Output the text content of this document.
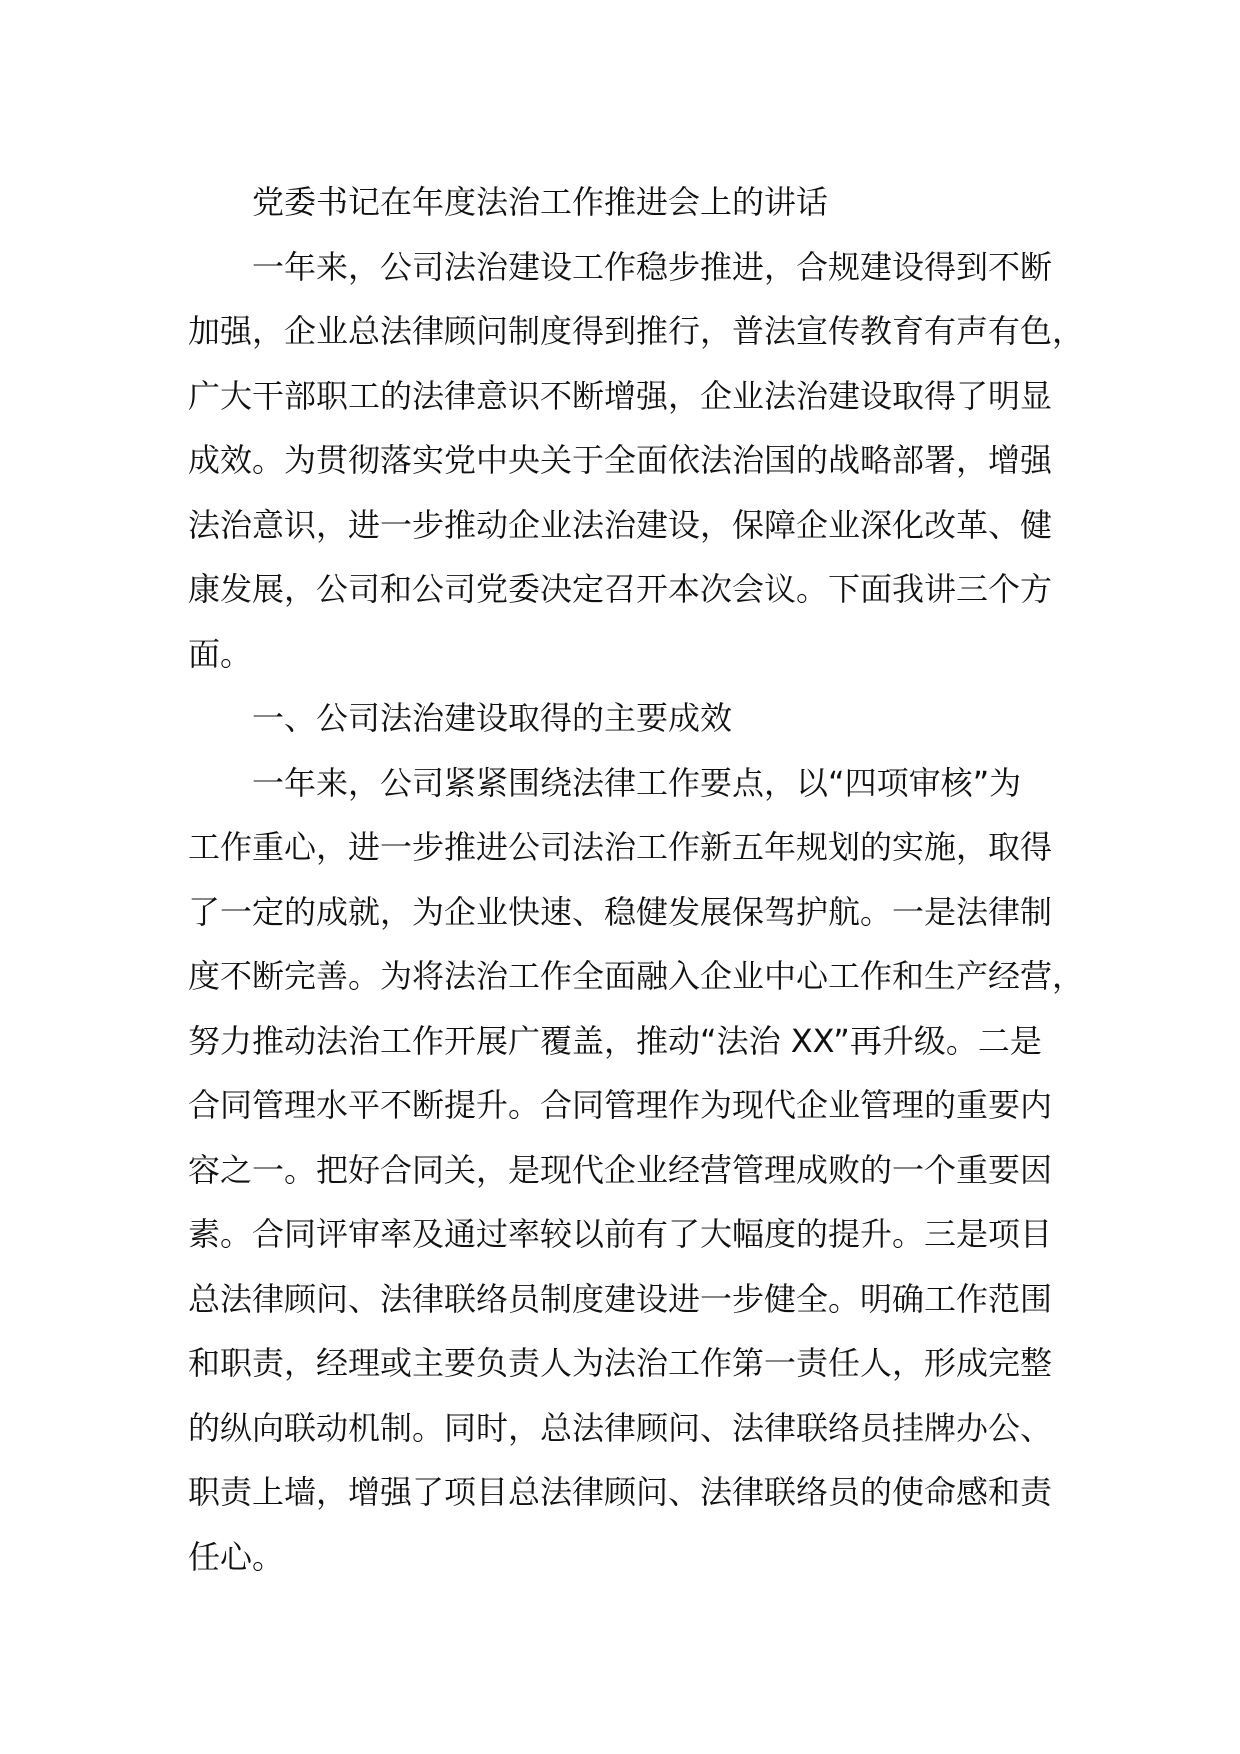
党委书记在年度法治工作推进会上的讲话
一年来，公司法治建设工作稳步推进，合规建设得到不断
加强，企业总法律顾问制度得到推行，普法宣传教育有声有色，
广大干部职工的法律意识不断增强，企业法治建设取得了明显
成效。为贯彻落实党中央关于全面依法治国的战略部署，增强
法治意识，进一步推动企业法治建设，保障企业深化改革、健
康发展，公司和公司党委决定召开本次会议。下面我讲三个方
面。
一、公司法治建设取得的主要成效
一年来，公司紧紧围绕法律工作要点，以“四项审核”为
工作重心，进一步推进公司法治工作新五年规划的实施，取得
了一定的成就，为企业快速、稳健发展保驾护航。一是法律制
度不断完善。为将法治工作全面融入企业中心工作和生产经营，
努力推动法治工作开展广覆盖，推动“法治 XX”再升级。二是
合同管理水平不断提升。合同管理作为现代企业管理的重要内
容之一。把好合同关，是现代企业经营管理成败的一个重要因
素。合同评审率及通过率较以前有了大幅度的提升。三是项目
总法律顾问、法律联络员制度建设进一步健全。明确工作范围
和职责，经理或主要负责人为法治工作第一责任人，形成完整
的纵向联动机制。同时，总法律顾问、法律联络员挂牌办公、
职责上墙，增强了项目总法律顾问、法律联络员的使命感和责
任心。
